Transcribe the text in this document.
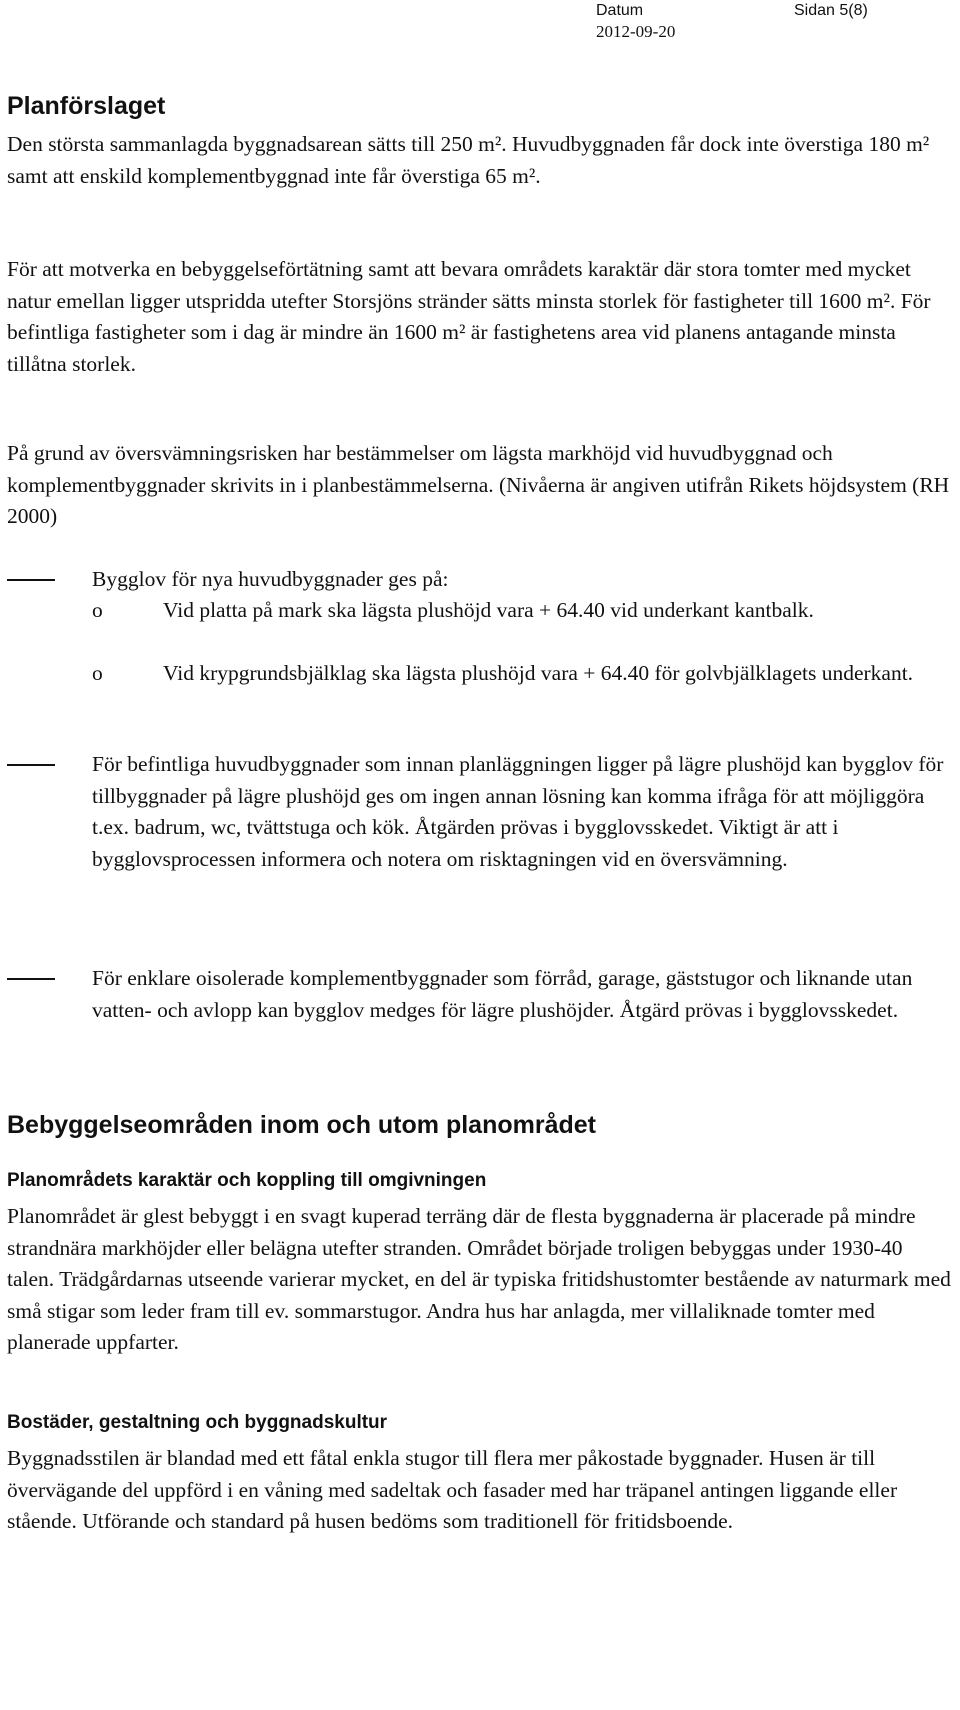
Datum
2012-09-20
Sidan 5(8)
Planförslaget

Den största sammanlagda byggnadsarean sätts till 250 m². Huvudbyggnaden får dock inte överstiga 180 m² samt att enskild komplementbyggnad inte får överstiga 65 m².

För att motverka en bebyggelseförtätning samt att bevara områdets karaktär där stora tomter med mycket natur emellan ligger utspridda utefter Storsjöns stränder sätts minsta storlek för fastigheter till 1600 m². För befintliga fastigheter som i dag är mindre än 1600 m² är fastighetens area vid planens antagande minsta tillåtna storlek.

På grund av översvämningsrisken har bestämmelser om lägsta markhöjd vid huvudbyggnad och komplementbyggnader skrivits in i planbestämmelserna. (Nivåerna är angiven utifrån Rikets höjdsystem (RH 2000)

Bygglov för nya huvudbyggnader ges på:

o	Vid platta på mark ska lägsta plushöjd vara + 64.40 vid underkant kantbalk.

o	Vid krypgrundsbjälklag ska lägsta plushöjd vara + 64.40 för golvbjälklagets underkant.

För befintliga huvudbyggnader som innan planläggningen ligger på lägre plushöjd kan bygglov för tillbyggnader på lägre plushöjd ges om ingen annan lösning kan komma ifråga för att möjliggöra t.ex. badrum, wc, tvättstuga och kök. Åtgärden prövas i bygglovsskedet. Viktigt är att i bygglovsprocessen informera och notera om risktagningen vid en översvämning.

För enklare oisolerade komplementbyggnader som förråd, garage, gäststugor och liknande utan vatten- och avlopp kan bygglov medges för lägre plushöjder. Åtgärd prövas i bygglovsskedet.

Bebyggelseområden inom och utom planområdet
Planområdets karaktär och koppling till omgivningen

Planområdet är glest bebyggt i en svagt kuperad terräng där de flesta byggnaderna är placerade på mindre strandnära markhöjder eller belägna utefter stranden. Området började troligen bebyggas under 1930-40 talen. Trädgårdarnas utseende varierar mycket, en del är typiska fritidshustomter bestående av naturmark med små stigar som leder fram till ev. sommarstugor. Andra hus har anlagda, mer villaliknade tomter med planerade uppfarter.

Bostäder, gestaltning och byggnadskultur

Byggnadsstilen är blandad med ett fåtal enkla stugor till flera mer påkostade byggnader. Husen är till övervägande del uppförd i en våning med sadeltak och fasader med har träpanel antingen liggande eller stående. Utförande och standard på husen bedöms som traditionell för fritidsboende.
